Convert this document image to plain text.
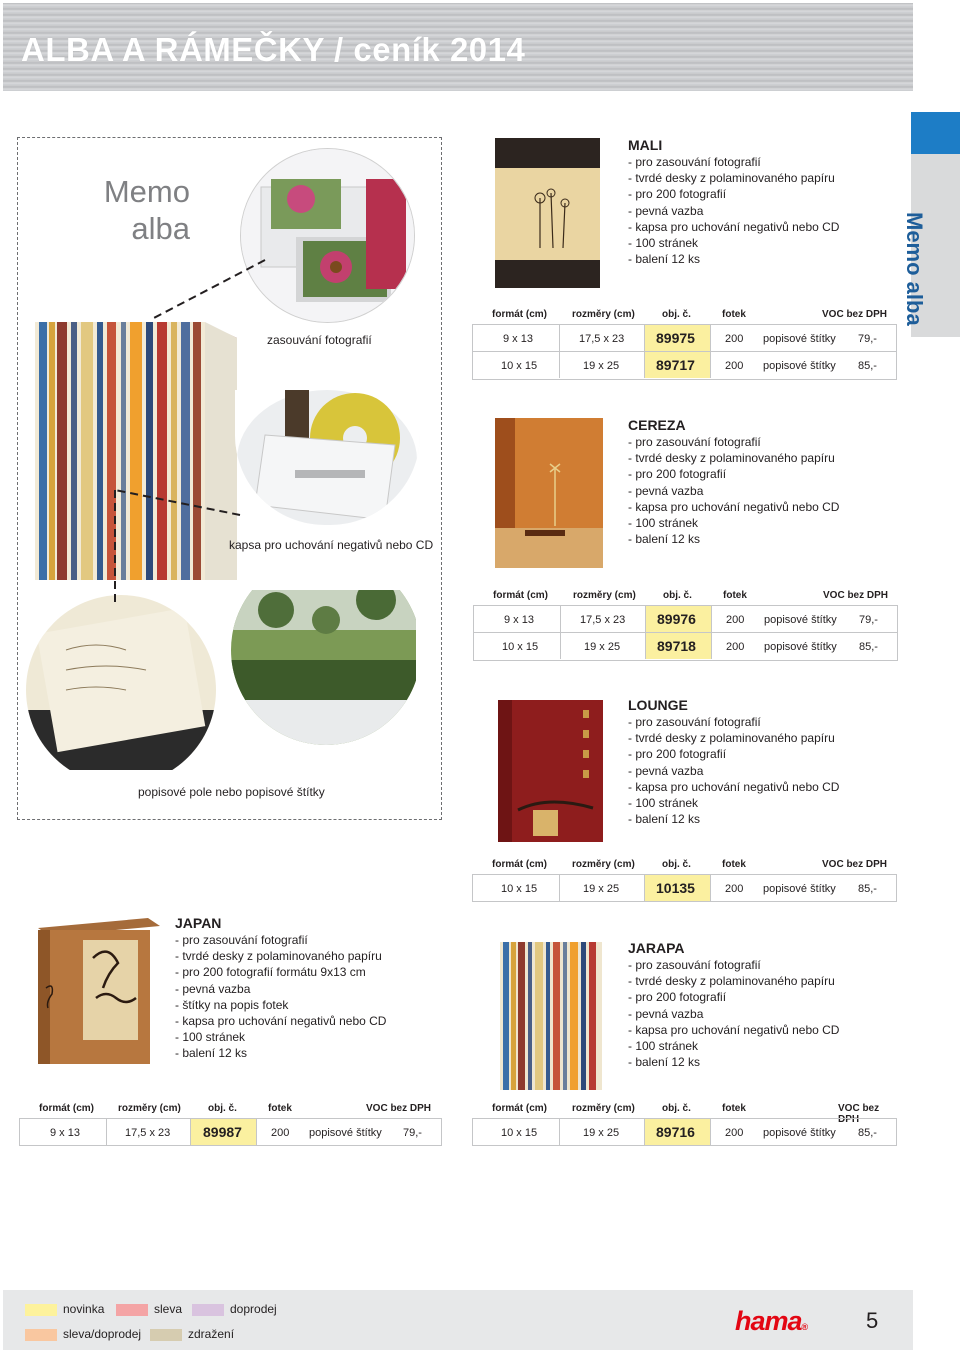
ALBA A RÁMEČKY / ceník 2014
Memo alba
Memo
alba
zasouvání fotografií
kapsa pro uchování negativů nebo CD
popisové pole nebo popisové štítky
MALI
- pro zasouvání fotografií
- tvrdé desky z polaminovaného papíru
- pro 200 fotografií
- pevná vazba
- kapsa pro uchování negativů nebo CD
- 100 stránek
- balení 12 ks
CEREZA
- pro zasouvání fotografií
- tvrdé desky z polaminovaného papíru
- pro 200 fotografií
- pevná vazba
- kapsa pro uchování negativů nebo CD
- 100 stránek
- balení 12 ks
LOUNGE
- pro zasouvání fotografií
- tvrdé desky z polaminovaného papíru
- pro 200 fotografií
- pevná vazba
- kapsa pro uchování negativů nebo CD
- 100 stránek
- balení 12 ks
JAPAN
- pro zasouvání fotografií
- tvrdé desky z polaminovaného papíru
- pro 200 fotografií formátu 9x13 cm
- pevná vazba
- štítky na popis fotek
- kapsa pro uchování negativů nebo CD
- 100 stránek
- balení 12 ks
JARAPA
- pro zasouvání fotografií
- tvrdé desky z polaminovaného papíru
- pro 200 fotografií
- pevná vazba
- kapsa pro uchování negativů nebo CD
- 100 stránek
- balení 12 ks
formát (cm) rozměry (cm)	obj. č.	fotek	VOC bez DPH
9 x 13	17,5 x 23 89975	200 popisové štítky 79,-
10 x 15	19 x 25	89717	200 popisové štítky 85,-
formát (cm) rozměry (cm)	obj. č.	fotek	VOC bez DPH
9 x 13	17,5 x 23 89976	200 popisové štítky 79,-
10 x 15	19 x 25	89718	200 popisové štítky 85,-
formát (cm) rozměry (cm)	obj. č.	fotek	VOC bez DPH
10 x 15	19 x 25	10135	200 popisové štítky 85,-
formát (cm) rozměry (cm)	obj. č.	fotek	VOC bez DPH
9 x 13	17,5 x 23 89987	200 popisové štítky 79,-
formát (cm) rozměry (cm)	obj. č.	fotek	VOC bez DPH
10 x 15	19 x 25	89716	200 popisové štítky 85,-
novinka	sleva	doprodej
sleva/doprodej	zdražení	hama®	5
